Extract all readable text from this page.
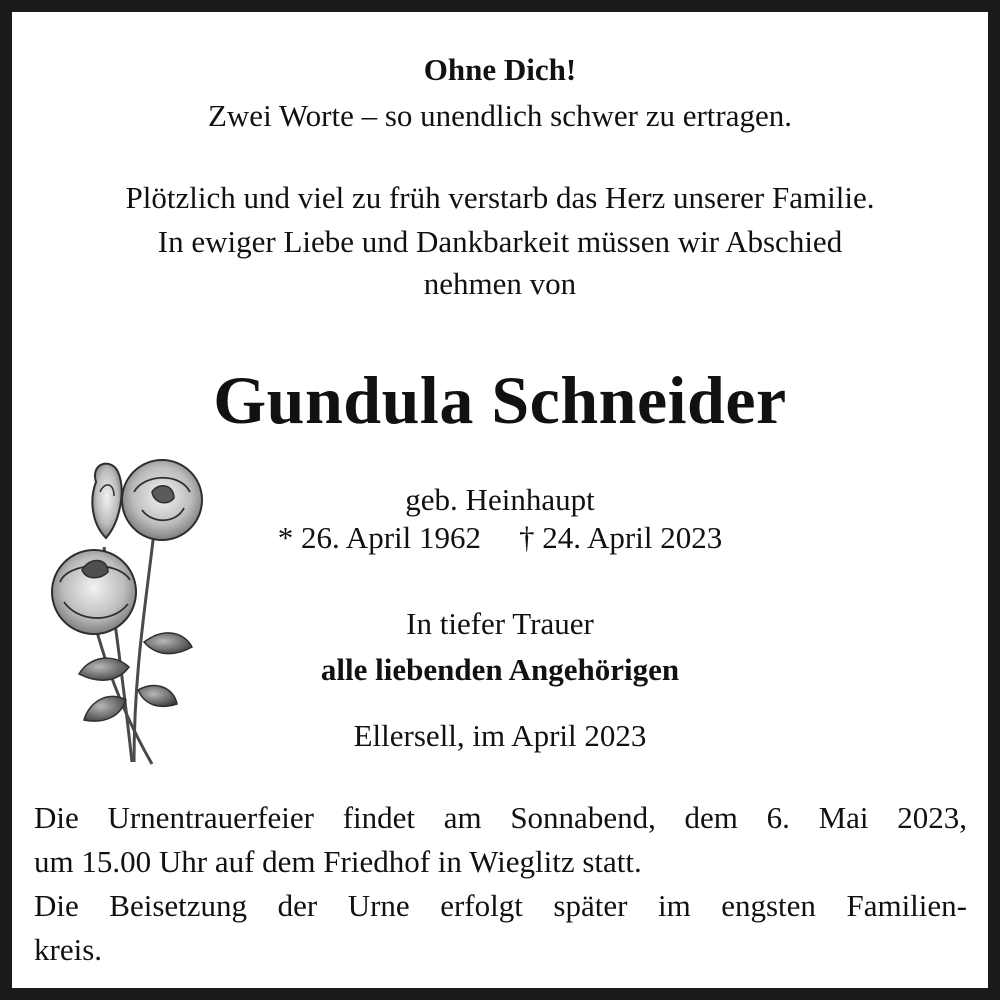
Ohne Dich!
Zwei Worte – so unendlich schwer zu ertragen.
Plötzlich und viel zu früh verstarb das Herz unserer Familie.
In ewiger Liebe und Dankbarkeit müssen wir Abschied
nehmen von
Gundula Schneider
geb. Heinhaupt
* 26. April 1962 † 24. April 2023
In tiefer Trauer
alle liebenden Angehörigen
Ellersell, im April 2023
Die Urnentrauerfeier findet am Sonnabend, dem 6. Mai 2023,
um 15.00 Uhr auf dem Friedhof in Wieglitz statt.
Die Beisetzung der Urne erfolgt später im engsten Familien-
kreis.
